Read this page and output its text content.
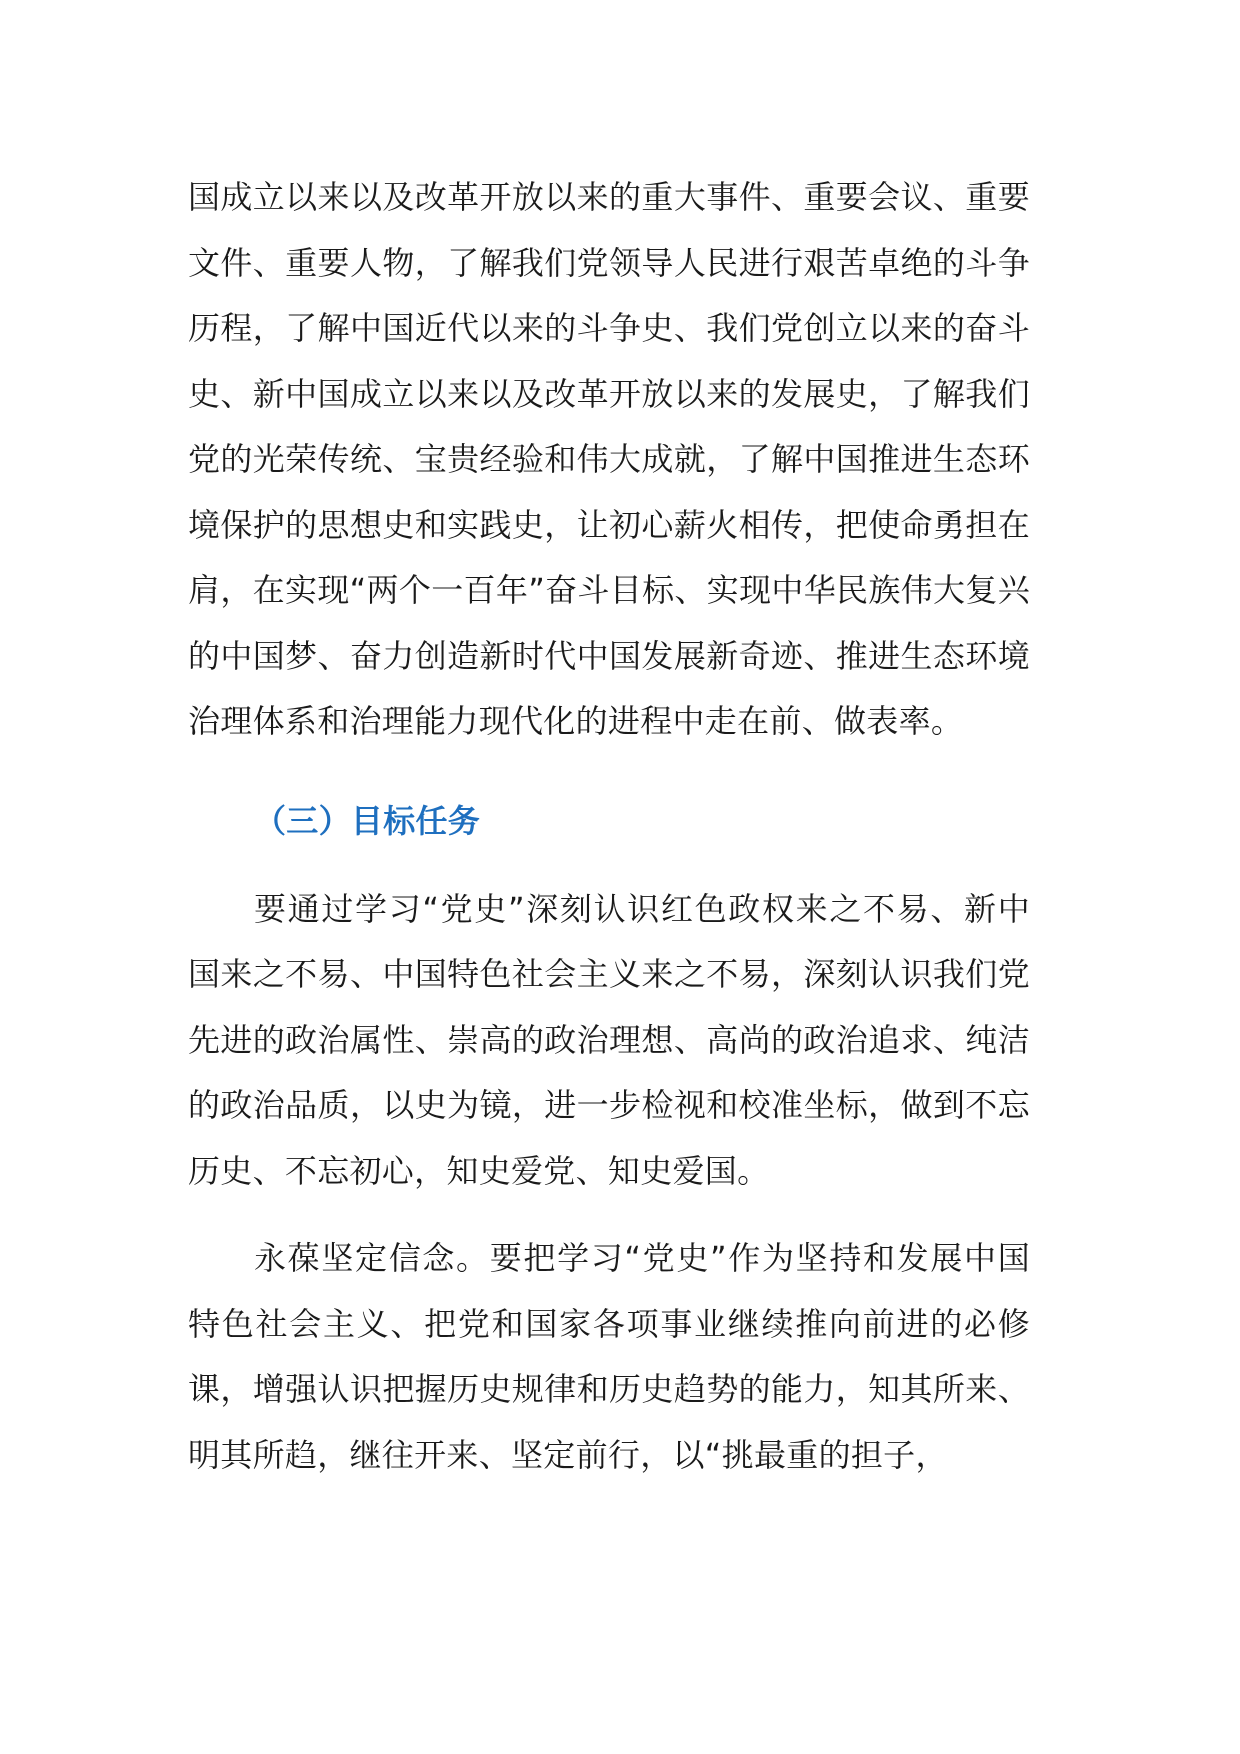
国成立以来以及改革开放以来的重大事件、重要会议、重要文件、重要人物，了解我们党领导人民进行艰苦卓绝的斗争历程，了解中国近代以来的斗争史、我们党创立以来的奋斗史、新中国成立以来以及改革开放以来的发展史，了解我们党的光荣传统、宝贵经验和伟大成就，了解中国推进生态环境保护的思想史和实践史，让初心薪火相传，把使命勇担在肩，在实现“两个一百年”奋斗目标、实现中华民族伟大复兴的中国梦、奋力创造新时代中国发展新奇迹、推进生态环境治理体系和治理能力现代化的进程中走在前、做表率。

（三）目标任务

要通过学习“党史”深刻认识红色政权来之不易、新中国来之不易、中国特色社会主义来之不易，深刻认识我们党先进的政治属性、崇高的政治理想、高尚的政治追求、纯洁的政治品质，以史为镜，进一步检视和校准坐标，做到不忘历史、不忘初心，知史爱党、知史爱国。

永葆坚定信念。要把学习“党史”作为坚持和发展中国特色社会主义、把党和国家各项事业继续推向前进的必修课，增强认识把握历史规律和历史趋势的能力，知其所来、明其所趋，继往开来、坚定前行，以“挑最重的担子，
